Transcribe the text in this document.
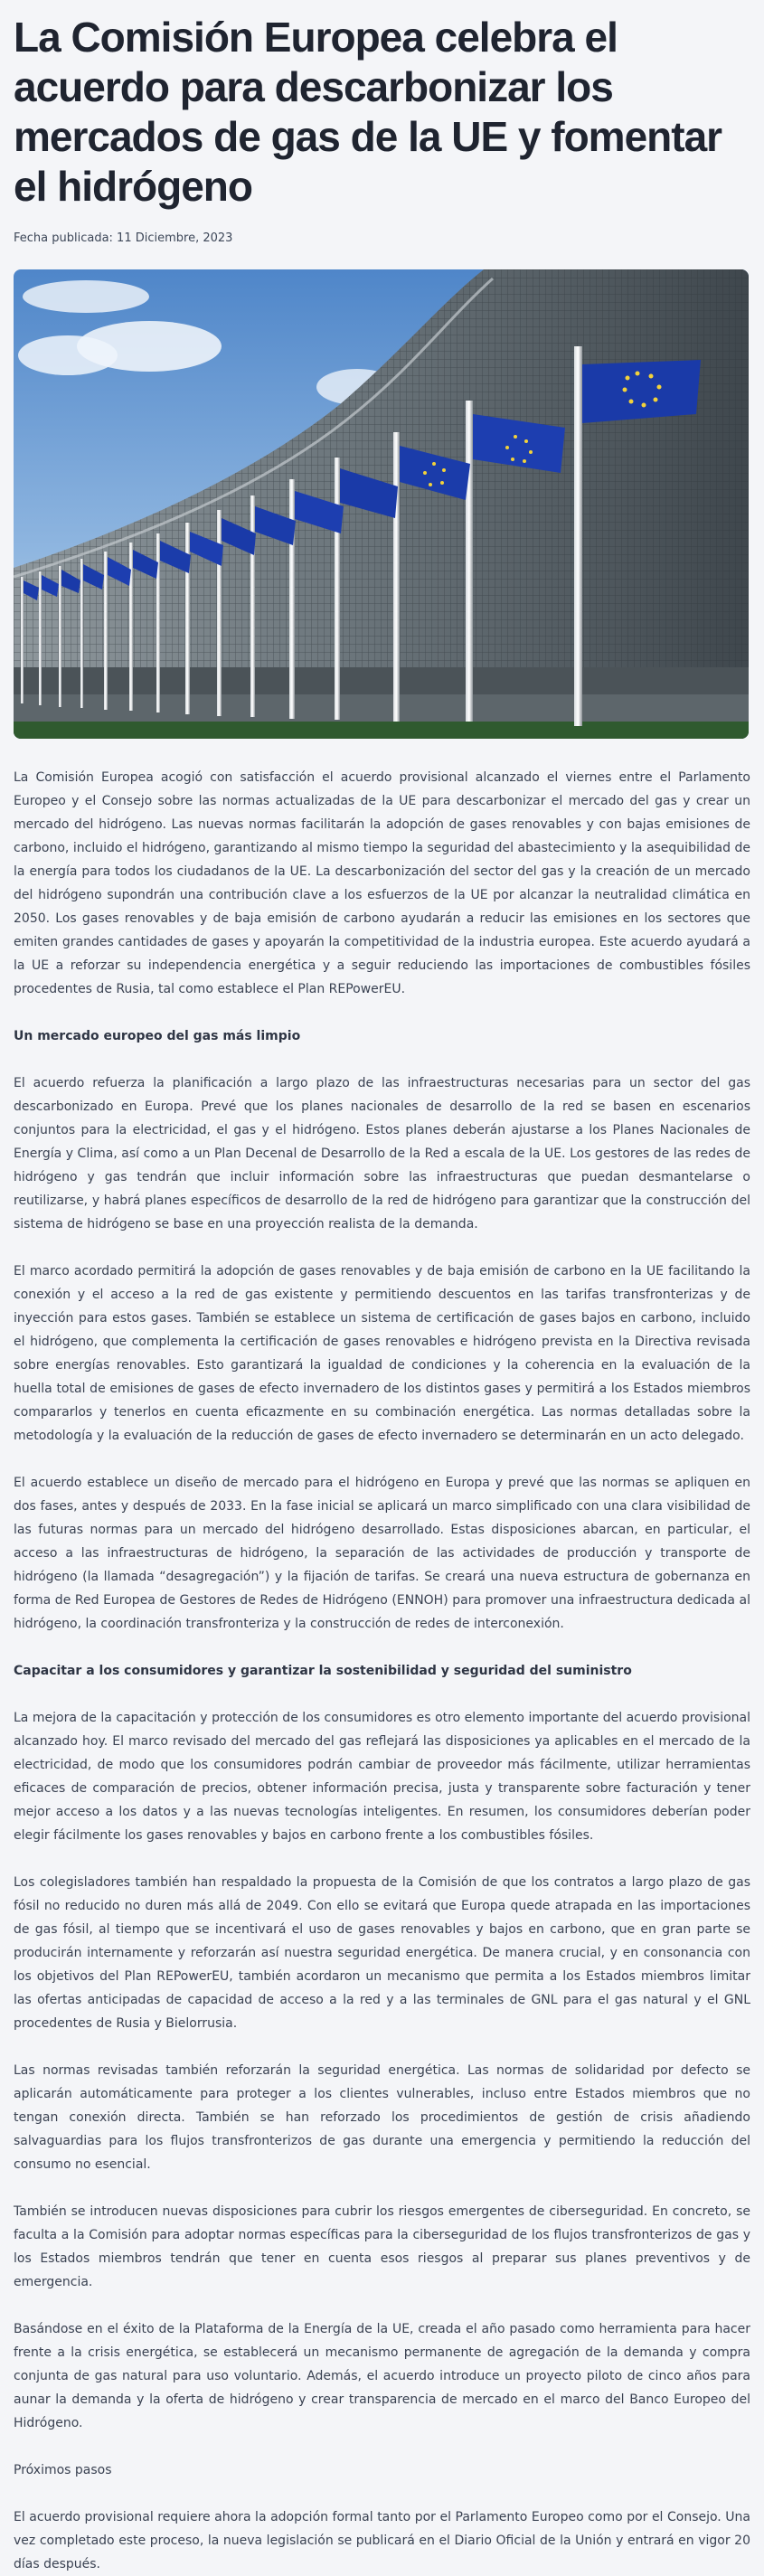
La Comisión Europea celebra el acuerdo para descarbonizar los mercados de gas de la UE y fomentar el hidrógeno
Fecha publicada: 11 Diciembre, 2023

La Comisión Europea acogió con satisfacción el acuerdo provisional alcanzado el viernes entre el Parlamento Europeo y el Consejo sobre las normas actualizadas de la UE para descarbonizar el mercado del gas y crear un mercado del hidrógeno. Las nuevas normas facilitarán la adopción de gases renovables y con bajas emisiones de carbono, incluido el hidrógeno, garantizando al mismo tiempo la seguridad del abastecimiento y la asequibilidad de la energía para todos los ciudadanos de la UE. La descarbonización del sector del gas y la creación de un mercado del hidrógeno supondrán una contribución clave a los esfuerzos de la UE por alcanzar la neutralidad climática en 2050. Los gases renovables y de baja emisión de carbono ayudarán a reducir las emisiones en los sectores que emiten grandes cantidades de gases y apoyarán la competitividad de la industria europea. Este acuerdo ayudará a la UE a reforzar su independencia energética y a seguir reduciendo las importaciones de combustibles fósiles procedentes de Rusia, tal como establece el Plan REPowerEU.

Un mercado europeo del gas más limpio

El acuerdo refuerza la planificación a largo plazo de las infraestructuras necesarias para un sector del gas descarbonizado en Europa. Prevé que los planes nacionales de desarrollo de la red se basen en escenarios conjuntos para la electricidad, el gas y el hidrógeno. Estos planes deberán ajustarse a los Planes Nacionales de Energía y Clima, así como a un Plan Decenal de Desarrollo de la Red a escala de la UE. Los gestores de las redes de hidrógeno y gas tendrán que incluir información sobre las infraestructuras que puedan desmantelarse o reutilizarse, y habrá planes específicos de desarrollo de la red de hidrógeno para garantizar que la construcción del sistema de hidrógeno se base en una proyección realista de la demanda.

El marco acordado permitirá la adopción de gases renovables y de baja emisión de carbono en la UE facilitando la conexión y el acceso a la red de gas existente y permitiendo descuentos en las tarifas transfronterizas y de inyección para estos gases. También se establece un sistema de certificación de gases bajos en carbono, incluido el hidrógeno, que complementa la certificación de gases renovables e hidrógeno prevista en la Directiva revisada sobre energías renovables. Esto garantizará la igualdad de condiciones y la coherencia en la evaluación de la huella total de emisiones de gases de efecto invernadero de los distintos gases y permitirá a los Estados miembros compararlos y tenerlos en cuenta eficazmente en su combinación energética. Las normas detalladas sobre la metodología y la evaluación de la reducción de gases de efecto invernadero se determinarán en un acto delegado.

El acuerdo establece un diseño de mercado para el hidrógeno en Europa y prevé que las normas se apliquen en dos fases, antes y después de 2033. En la fase inicial se aplicará un marco simplificado con una clara visibilidad de las futuras normas para un mercado del hidrógeno desarrollado. Estas disposiciones abarcan, en particular, el acceso a las infraestructuras de hidrógeno, la separación de las actividades de producción y transporte de hidrógeno (la llamada “desagregación”) y la fijación de tarifas. Se creará una nueva estructura de gobernanza en forma de Red Europea de Gestores de Redes de Hidrógeno (ENNOH) para promover una infraestructura dedicada al hidrógeno, la coordinación transfronteriza y la construcción de redes de interconexión.

Capacitar a los consumidores y garantizar la sostenibilidad y seguridad del suministro

La mejora de la capacitación y protección de los consumidores es otro elemento importante del acuerdo provisional alcanzado hoy. El marco revisado del mercado del gas reflejará las disposiciones ya aplicables en el mercado de la electricidad, de modo que los consumidores podrán cambiar de proveedor más fácilmente, utilizar herramientas eficaces de comparación de precios, obtener información precisa, justa y transparente sobre facturación y tener mejor acceso a los datos y a las nuevas tecnologías inteligentes. En resumen, los consumidores deberían poder elegir fácilmente los gases renovables y bajos en carbono frente a los combustibles fósiles.

Los colegisladores también han respaldado la propuesta de la Comisión de que los contratos a largo plazo de gas fósil no reducido no duren más allá de 2049. Con ello se evitará que Europa quede atrapada en las importaciones de gas fósil, al tiempo que se incentivará el uso de gases renovables y bajos en carbono, que en gran parte se producirán internamente y reforzarán así nuestra seguridad energética. De manera crucial, y en consonancia con los objetivos del Plan REPowerEU, también acordaron un mecanismo que permita a los Estados miembros limitar las ofertas anticipadas de capacidad de acceso a la red y a las terminales de GNL para el gas natural y el GNL procedentes de Rusia y Bielorrusia.

Las normas revisadas también reforzarán la seguridad energética. Las normas de solidaridad por defecto se aplicarán automáticamente para proteger a los clientes vulnerables, incluso entre Estados miembros que no tengan conexión directa. También se han reforzado los procedimientos de gestión de crisis añadiendo salvaguardias para los flujos transfronterizos de gas durante una emergencia y permitiendo la reducción del consumo no esencial.

También se introducen nuevas disposiciones para cubrir los riesgos emergentes de ciberseguridad. En concreto, se faculta a la Comisión para adoptar normas específicas para la ciberseguridad de los flujos transfronterizos de gas y los Estados miembros tendrán que tener en cuenta esos riesgos al preparar sus planes preventivos y de emergencia.

Basándose en el éxito de la Plataforma de la Energía de la UE, creada el año pasado como herramienta para hacer frente a la crisis energética, se establecerá un mecanismo permanente de agregación de la demanda y compra conjunta de gas natural para uso voluntario. Además, el acuerdo introduce un proyecto piloto de cinco años para aunar la demanda y la oferta de hidrógeno y crear transparencia de mercado en el marco del Banco Europeo del Hidrógeno.

Próximos pasos

El acuerdo provisional requiere ahora la adopción formal tanto por el Parlamento Europeo como por el Consejo. Una vez completado este proceso, la nueva legislación se publicará en el Diario Oficial de la Unión y entrará en vigor 20 días después.
